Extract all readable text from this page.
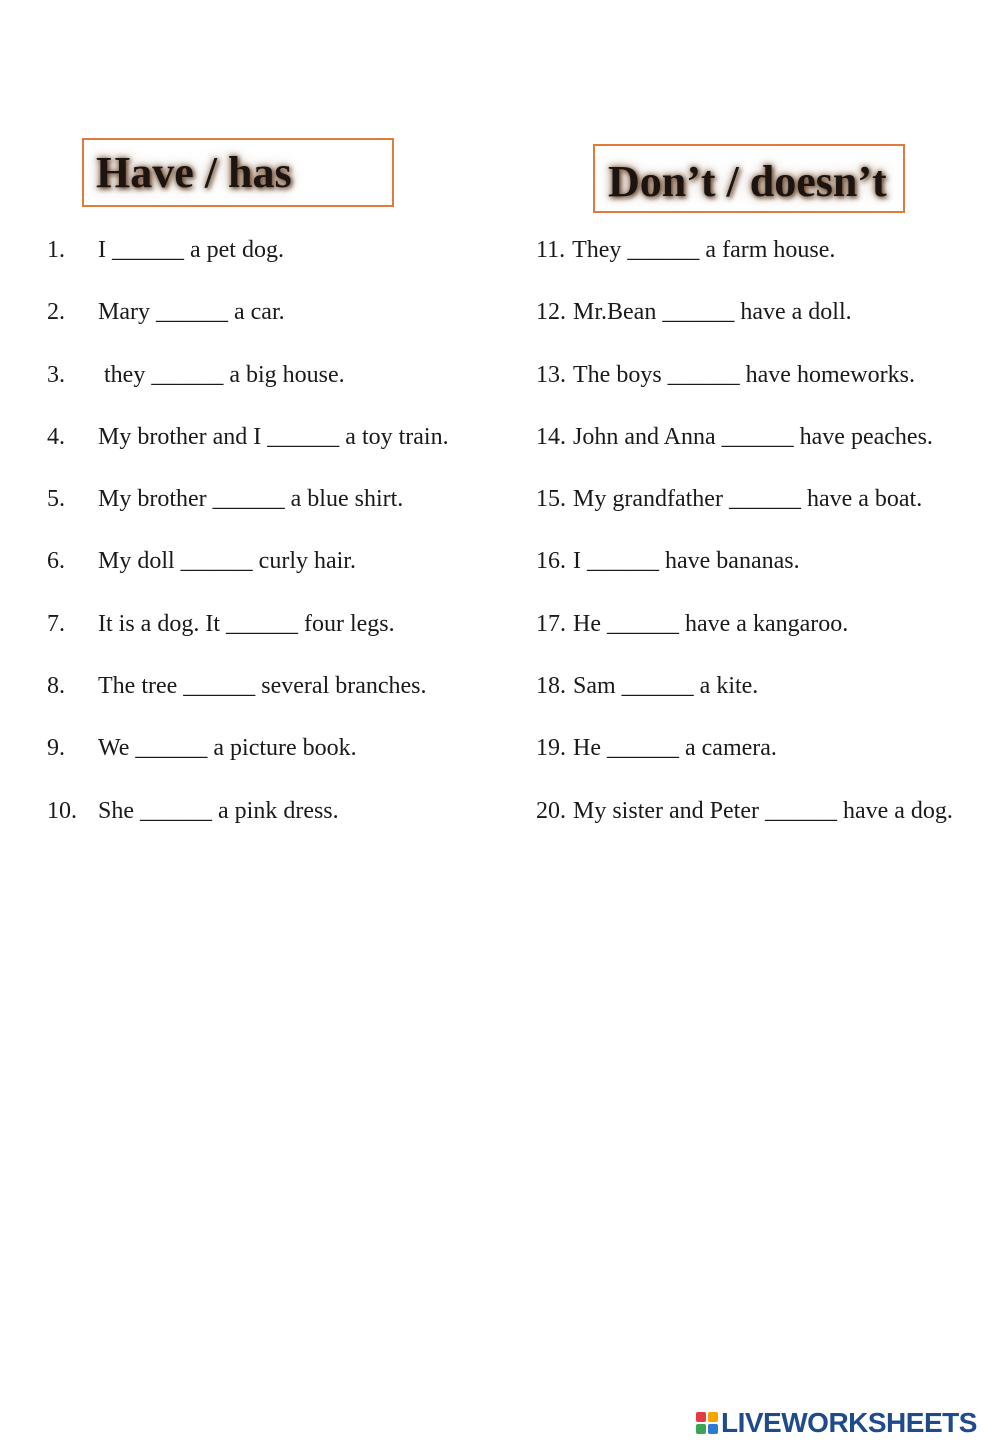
Have / has	Don’t / doesn’t
1. I ______ a pet dog.
2. Mary ______ a car.
3. they ______ a big house.
4. My brother and I ______ a toy train.
5. My brother ______ a blue shirt.
6. My doll ______ curly hair.
7. It is a dog. It ______ four legs.
8. The tree ______ several branches.
9. We ______ a picture book.
10. She ______ a pink dress.
11. They ______ a farm house.
12. Mr.Bean ______ have a doll.
13. The boys ______ have homeworks.
14. John and Anna ______ have peaches.
15. My grandfather ______ have a boat.
16. I ______ have bananas.
17. He ______ have a kangaroo.
18. Sam ______ a kite.
19. He ______ a camera.
20. My sister and Peter ______ have a dog.
LIVEWORKSHEETS
